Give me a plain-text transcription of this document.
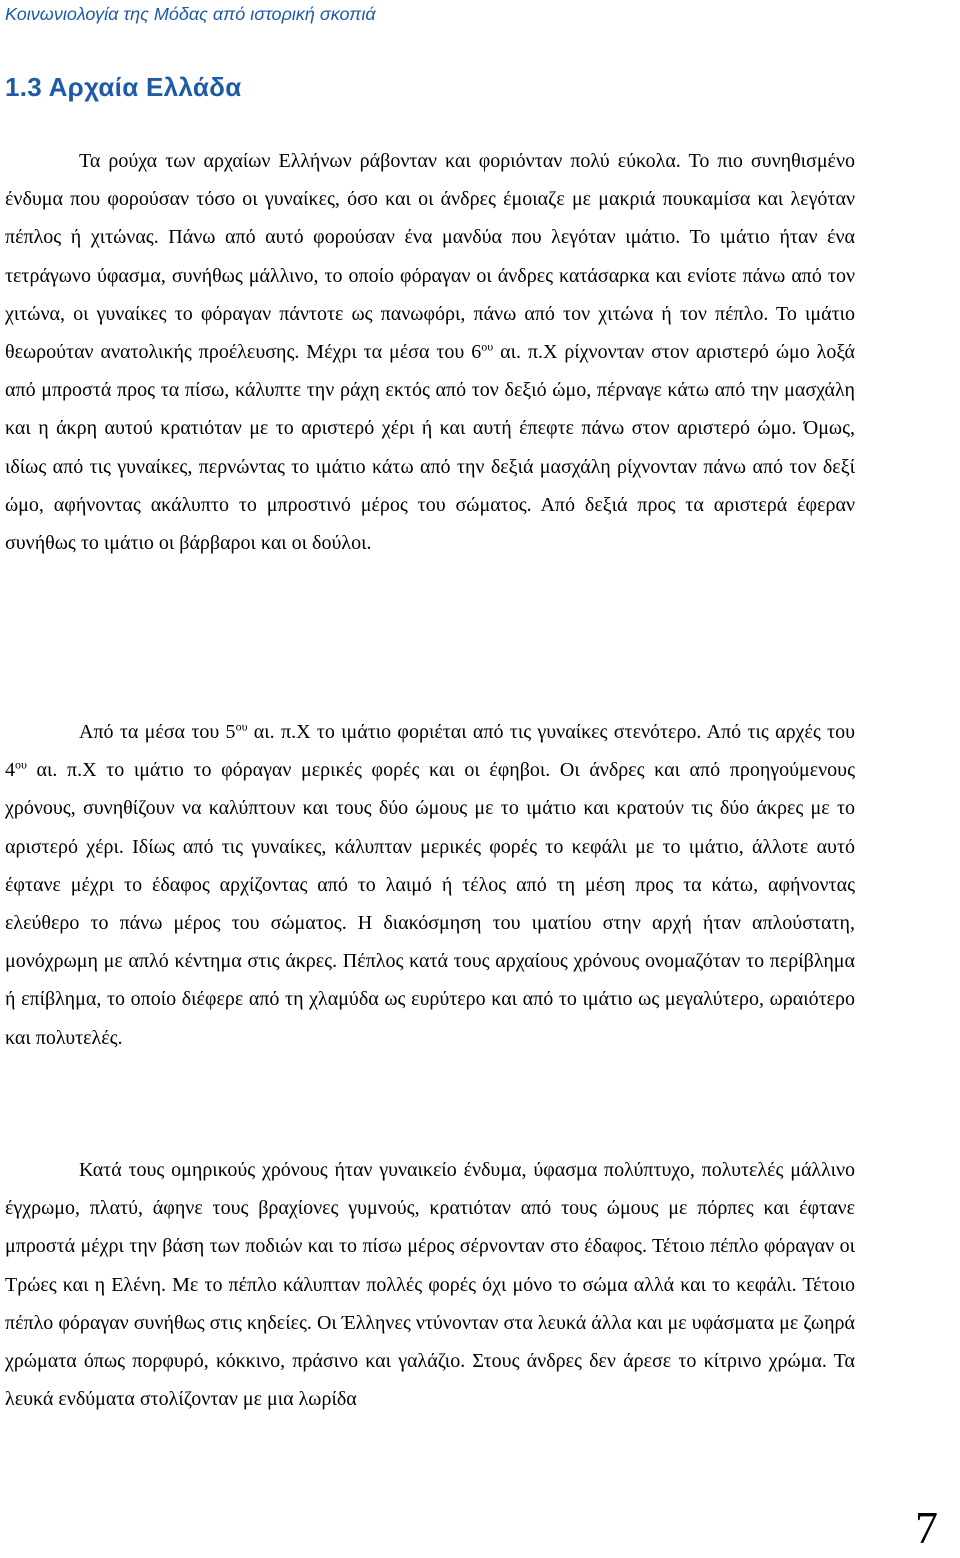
Κοινωνιολογία της Μόδας από ιστορική σκοπιά
1.3 Αρχαία Ελλάδα

Τα ρούχα των αρχαίων Ελλήνων ράβονταν και φοριόνταν πολύ εύκολα. Το πιο συνηθισμένο ένδυμα που φορούσαν τόσο οι γυναίκες, όσο και οι άνδρες έμοιαζε με μακριά πουκαμίσα και λεγόταν πέπλος ή χιτώνας. Πάνω από αυτό φορούσαν ένα μανδύα που λεγόταν ιμάτιο. Το ιμάτιο ήταν ένα τετράγωνο ύφασμα, συνήθως μάλλινο, το οποίο φόραγαν οι άνδρες κατάσαρκα και ενίοτε πάνω από τον χιτώνα, οι γυναίκες το φόραγαν πάντοτε ως πανωφόρι, πάνω από τον χιτώνα ή τον πέπλο. Το ιμάτιο θεωρούταν ανατολικής προέλευσης. Μέχρι τα μέσα του $6^{o\upsilon}$ αι. π.Χ ρίχνονταν στον αριστερό ώμο λοξά από μπροστά προς τα πίσω, κάλυπτε την ράχη εκτός από τον δεξιό ώμο, πέρναγε κάτω από την μασχάλη και η άκρη αυτού κρατιόταν με το αριστερό χέρι ή και αυτή έπεφτε πάνω στον αριστερό ώμο. Όμως, ιδίως από τις γυναίκες, περνώντας το ιμάτιο κάτω από την δεξιά μασχάλη ρίχνονταν πάνω από τον δεξί ώμο, αφήνοντας ακάλυπτο το μπροστινό μέρος του σώματος. Από δεξιά προς τα αριστερά έφεραν συνήθως το ιμάτιο οι βάρβαροι και οι δούλοι.

Από τα μέσα του $5^{o\upsilon}$ αι. π.Χ το ιμάτιο φοριέται από τις γυναίκες στενότερο. Από τις αρχές του $4^{o\upsilon}$ αι. π.Χ το ιμάτιο το φόραγαν μερικές φορές και οι έφηβοι. Οι άνδρες και από προηγούμενους χρόνους, συνηθίζουν να καλύπτουν και τους δύο ώμους με το ιμάτιο και κρατούν τις δύο άκρες με το αριστερό χέρι. Ιδίως από τις γυναίκες, κάλυπταν μερικές φορές το κεφάλι με το ιμάτιο, άλλοτε αυτό έφτανε μέχρι το έδαφος αρχίζοντας από το λαιμό ή τέλος από τη μέση προς τα κάτω, αφήνοντας ελεύθερο το πάνω μέρος του σώματος. Η διακόσμηση του ιματίου στην αρχή ήταν απλούστατη, μονόχρωμη με απλό κέντημα στις άκρες. Πέπλος κατά τους αρχαίους χρόνους ονομαζόταν το περίβλημα ή επίβλημα, το οποίο διέφερε από τη χλαμύδα ως ευρύτερο και από το ιμάτιο ως μεγαλύτερο, ωραιότερο και πολυτελές.

Κατά τους ομηρικούς χρόνους ήταν γυναικείο ένδυμα, ύφασμα πολύπτυχο, πολυτελές μάλλινο έγχρωμο, πλατύ, άφηνε τους βραχίονες γυμνούς, κρατιόταν από τους ώμους με πόρπες και έφτανε μπροστά μέχρι την βάση των ποδιών και το πίσω μέρος σέρνονταν στο έδαφος. Τέτοιο πέπλο φόραγαν οι Τρώες και η Ελένη. Με το πέπλο κάλυπταν πολλές φορές όχι μόνο το σώμα αλλά και το κεφάλι. Τέτοιο πέπλο φόραγαν συνήθως στις κηδείες. Οι Έλληνες ντύνονταν στα λευκά άλλα και με υφάσματα με ζωηρά χρώματα όπως πορφυρό, κόκκινο, πράσινο και γαλάζιο. Στους άνδρες δεν άρεσε το κίτρινο χρώμα. Τα λευκά ενδύματα στολίζονταν με μια λωρίδα

7
